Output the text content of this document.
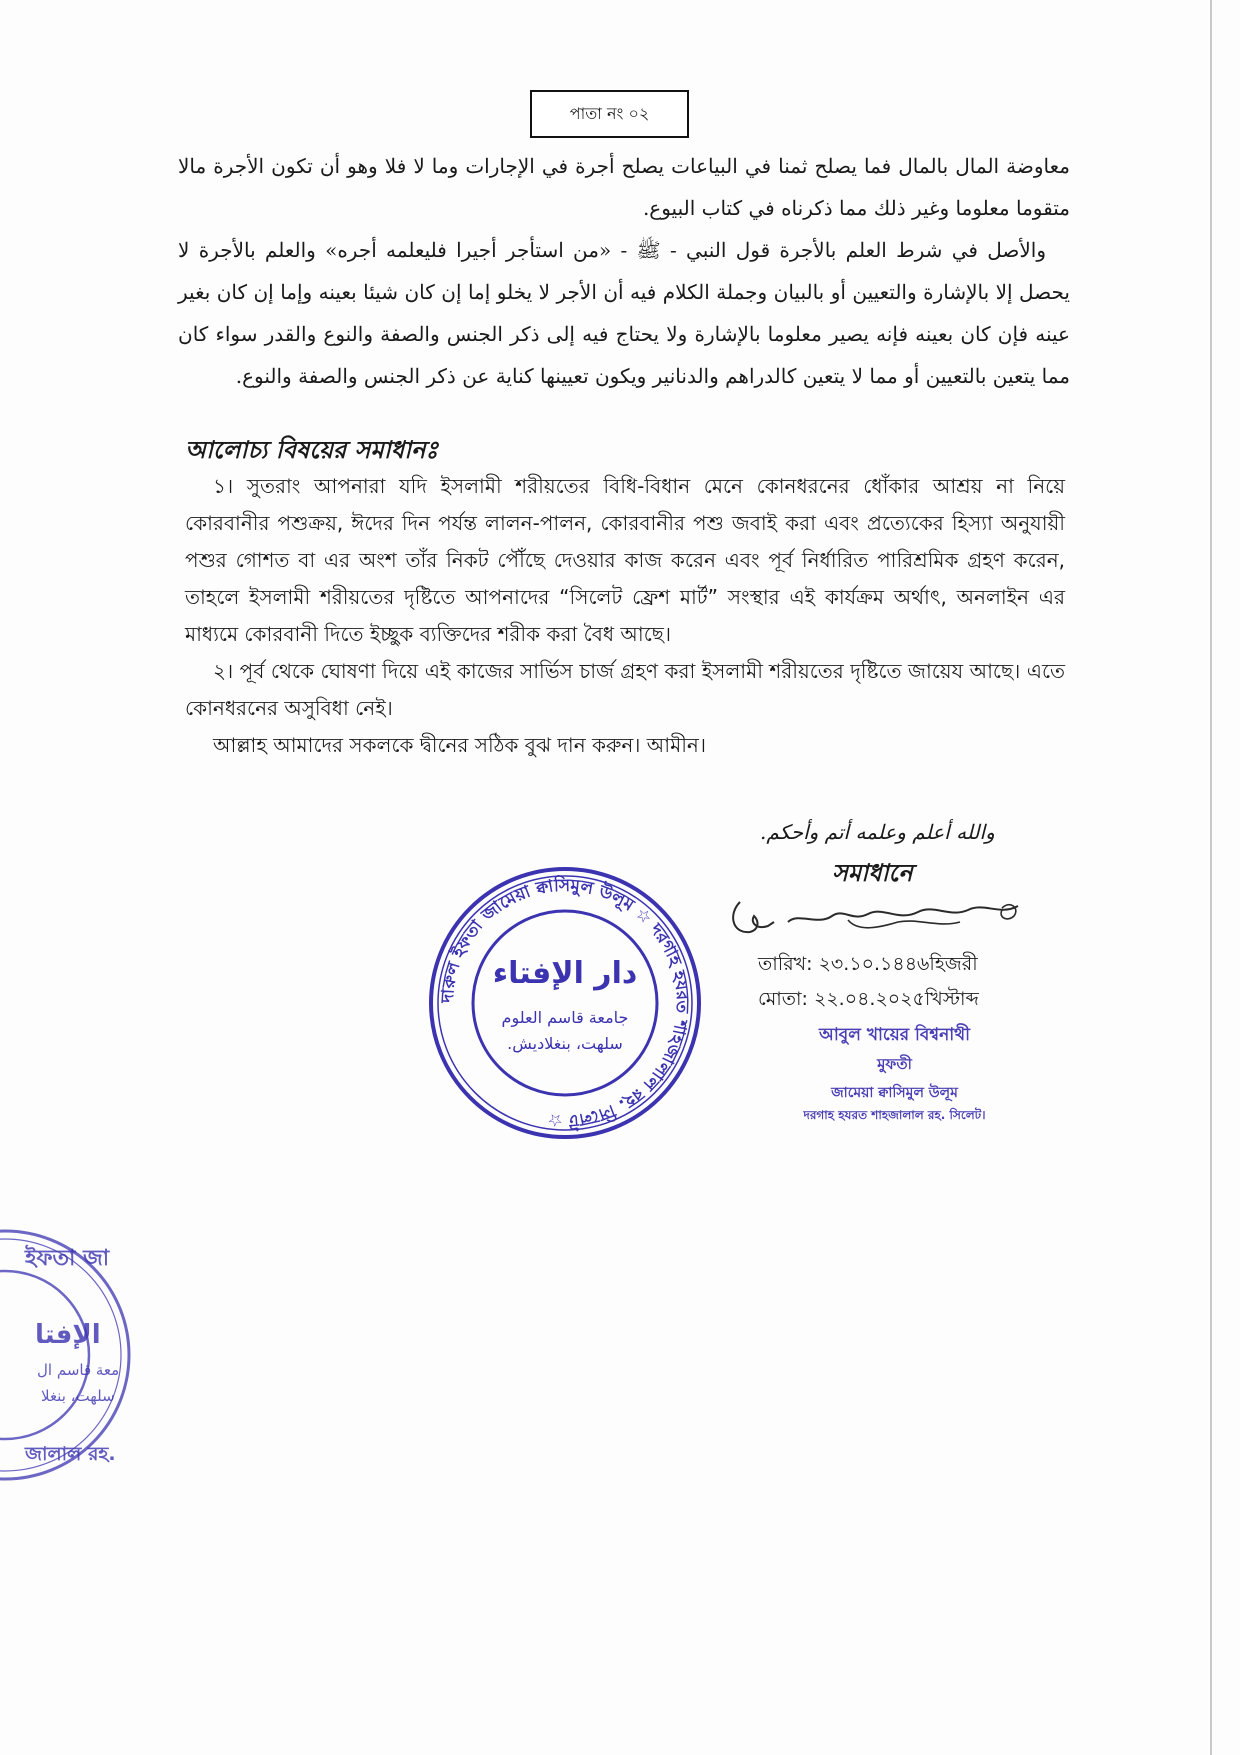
পাতা নং ০২

معاوضة المال بالمال فما يصلح ثمنا في البياعات يصلح أجرة في الإجارات وما لا فلا وهو أن تكون الأجرة مالا متقوما معلوما وغير ذلك مما ذكرناه في كتاب البيوع.

والأصل في شرط العلم بالأجرة قول النبي - ﷺ - «من استأجر أجيرا فليعلمه أجره» والعلم بالأجرة لا يحصل إلا بالإشارة والتعيين أو بالبيان وجملة الكلام فيه أن الأجر لا يخلو إما إن كان شيئا بعينه وإما إن كان بغير عينه فإن كان بعينه فإنه يصير معلوما بالإشارة ولا يحتاج فيه إلى ذكر الجنس والصفة والنوع والقدر سواء كان مما يتعين بالتعيين أو مما لا يتعين كالدراهم والدنانير ويكون تعيينها كناية عن ذكر الجنس والصفة والنوع.

আলোচ্য বিষয়ের সমাধানঃ

১। সুতরাং আপনারা যদি ইসলামী শরীয়তের বিধি-বিধান মেনে কোনধরনের ধোঁকার আশ্রয় না নিয়ে কোরবানীর পশুক্রয়, ঈদের দিন পর্যন্ত লালন-পালন, কোরবানীর পশু জবাই করা এবং প্রত্যেকের হিস্যা অনুযায়ী পশুর গোশত বা এর অংশ তাঁর নিকট পৌঁছে দেওয়ার কাজ করেন এবং পূর্ব নির্ধারিত পারিশ্রমিক গ্রহণ করেন, তাহলে ইসলামী শরীয়তের দৃষ্টিতে আপনাদের “সিলেট ফ্রেশ মার্ট” সংস্থার এই কার্যক্রম অর্থাৎ, অনলাইন এর মাধ্যমে কোরবানী দিতে ইচ্ছুক ব্যক্তিদের শরীক করা বৈধ আছে।

২। পূর্ব থেকে ঘোষণা দিয়ে এই কাজের সার্ভিস চার্জ গ্রহণ করা ইসলামী শরীয়তের দৃষ্টিতে জায়েয আছে। এতে কোনধরনের অসুবিধা নেই।

আল্লাহ আমাদের সকলকে দ্বীনের সঠিক বুঝ দান করুন। আমীন।

والله أعلم وعلمه أتم وأحكم.
সমাধানে
তারিখ: ২৩.১০.১৪৪৬হিজরী
মোতা: ২২.০৪.২০২৫খিস্টাব্দ
আবুল খায়ের বিশ্বনাথী
মুফতী
জামেয়া ক্বাসিমুল উলূম
দরগাহ হযরত শাহজালাল রহ. সিলেট।
দারুল ইফতা জামেয়া ক্বাসিমুল উলূম ☆ দরগাহ হযরত শাহজালাল রহ. সিলেট ☆
دار الإفتاء
جامعة قاسم العلوم
سلهت، بنغلاديش.
ইফতা জা
الإفتا
معة قاسم ال
سلهت، بنغلا
জালাল রহ.
